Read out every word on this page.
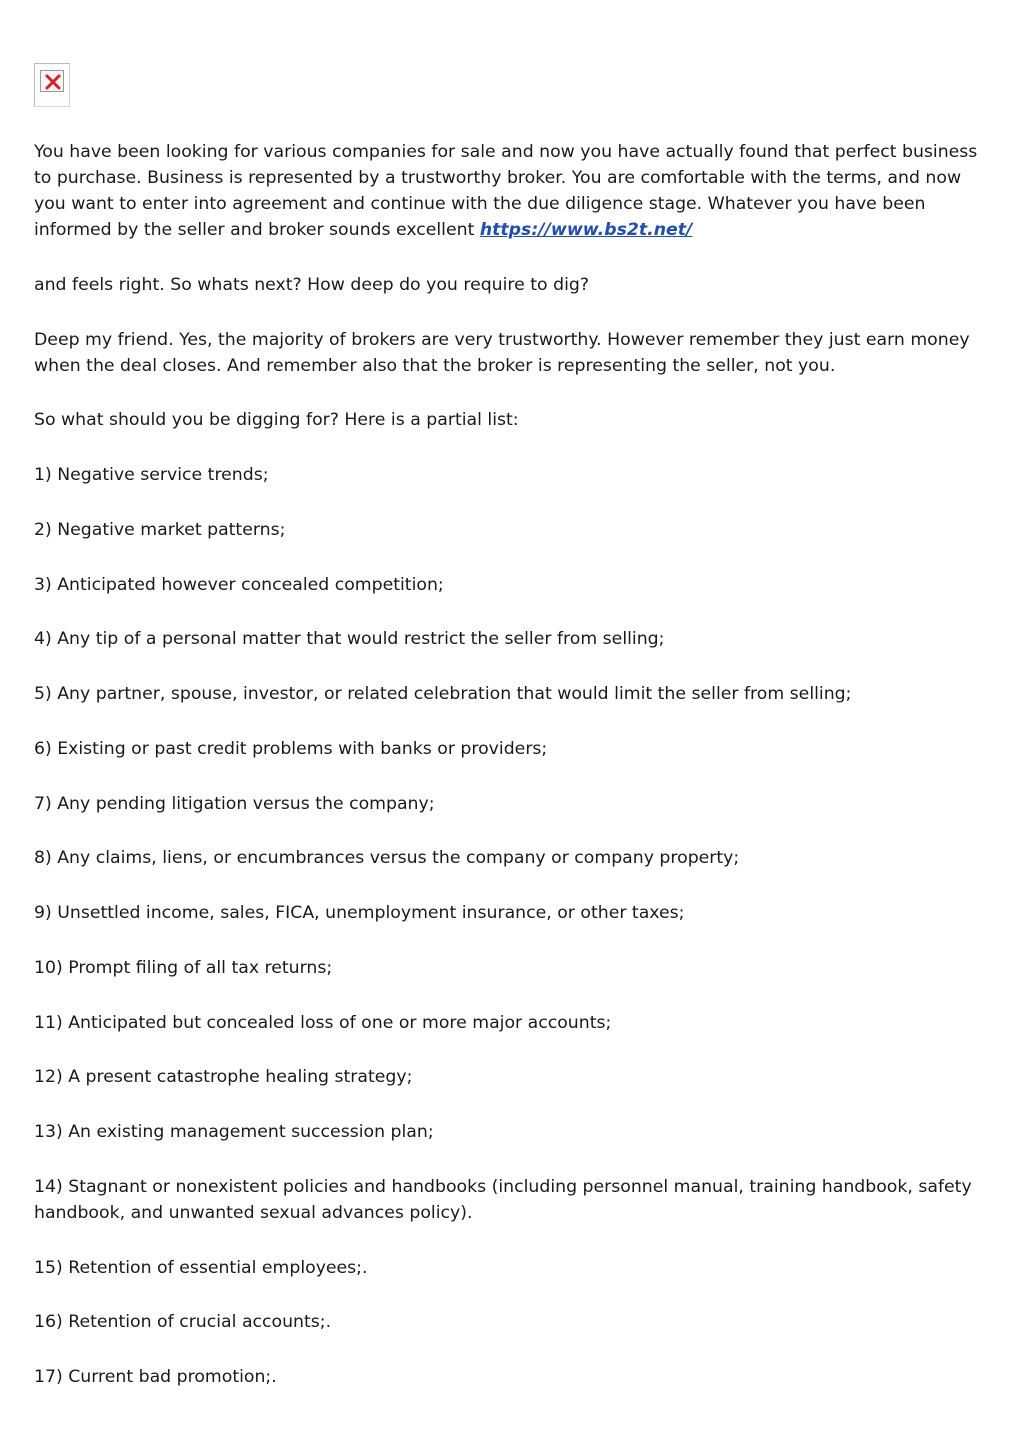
You have been looking for various companies for sale and now you have actually found that perfect business to purchase. Business is represented by a trustworthy broker. You are comfortable with the terms, and now you want to enter into agreement and continue with the due diligence stage. Whatever you have been informed by the seller and broker sounds excellent https://www.bs2t.net/

and feels right. So whats next? How deep do you require to dig?

Deep my friend. Yes, the majority of brokers are very trustworthy. However remember they just earn money when the deal closes. And remember also that the broker is representing the seller, not you.

So what should you be digging for? Here is a partial list:

1) Negative service trends;

2) Negative market patterns;

3) Anticipated however concealed competition;

4) Any tip of a personal matter that would restrict the seller from selling;

5) Any partner, spouse, investor, or related celebration that would limit the seller from selling;

6) Existing or past credit problems with banks or providers;

7) Any pending litigation versus the company;

8) Any claims, liens, or encumbrances versus the company or company property;

9) Unsettled income, sales, FICA, unemployment insurance, or other taxes;

10) Prompt filing of all tax returns;

11) Anticipated but concealed loss of one or more major accounts;

12) A present catastrophe healing strategy;

13) An existing management succession plan;

14) Stagnant or nonexistent policies and handbooks (including personnel manual, training handbook, safety handbook, and unwanted sexual advances policy).

15) Retention of essential employees;.

16) Retention of crucial accounts;.

17) Current bad promotion;.
